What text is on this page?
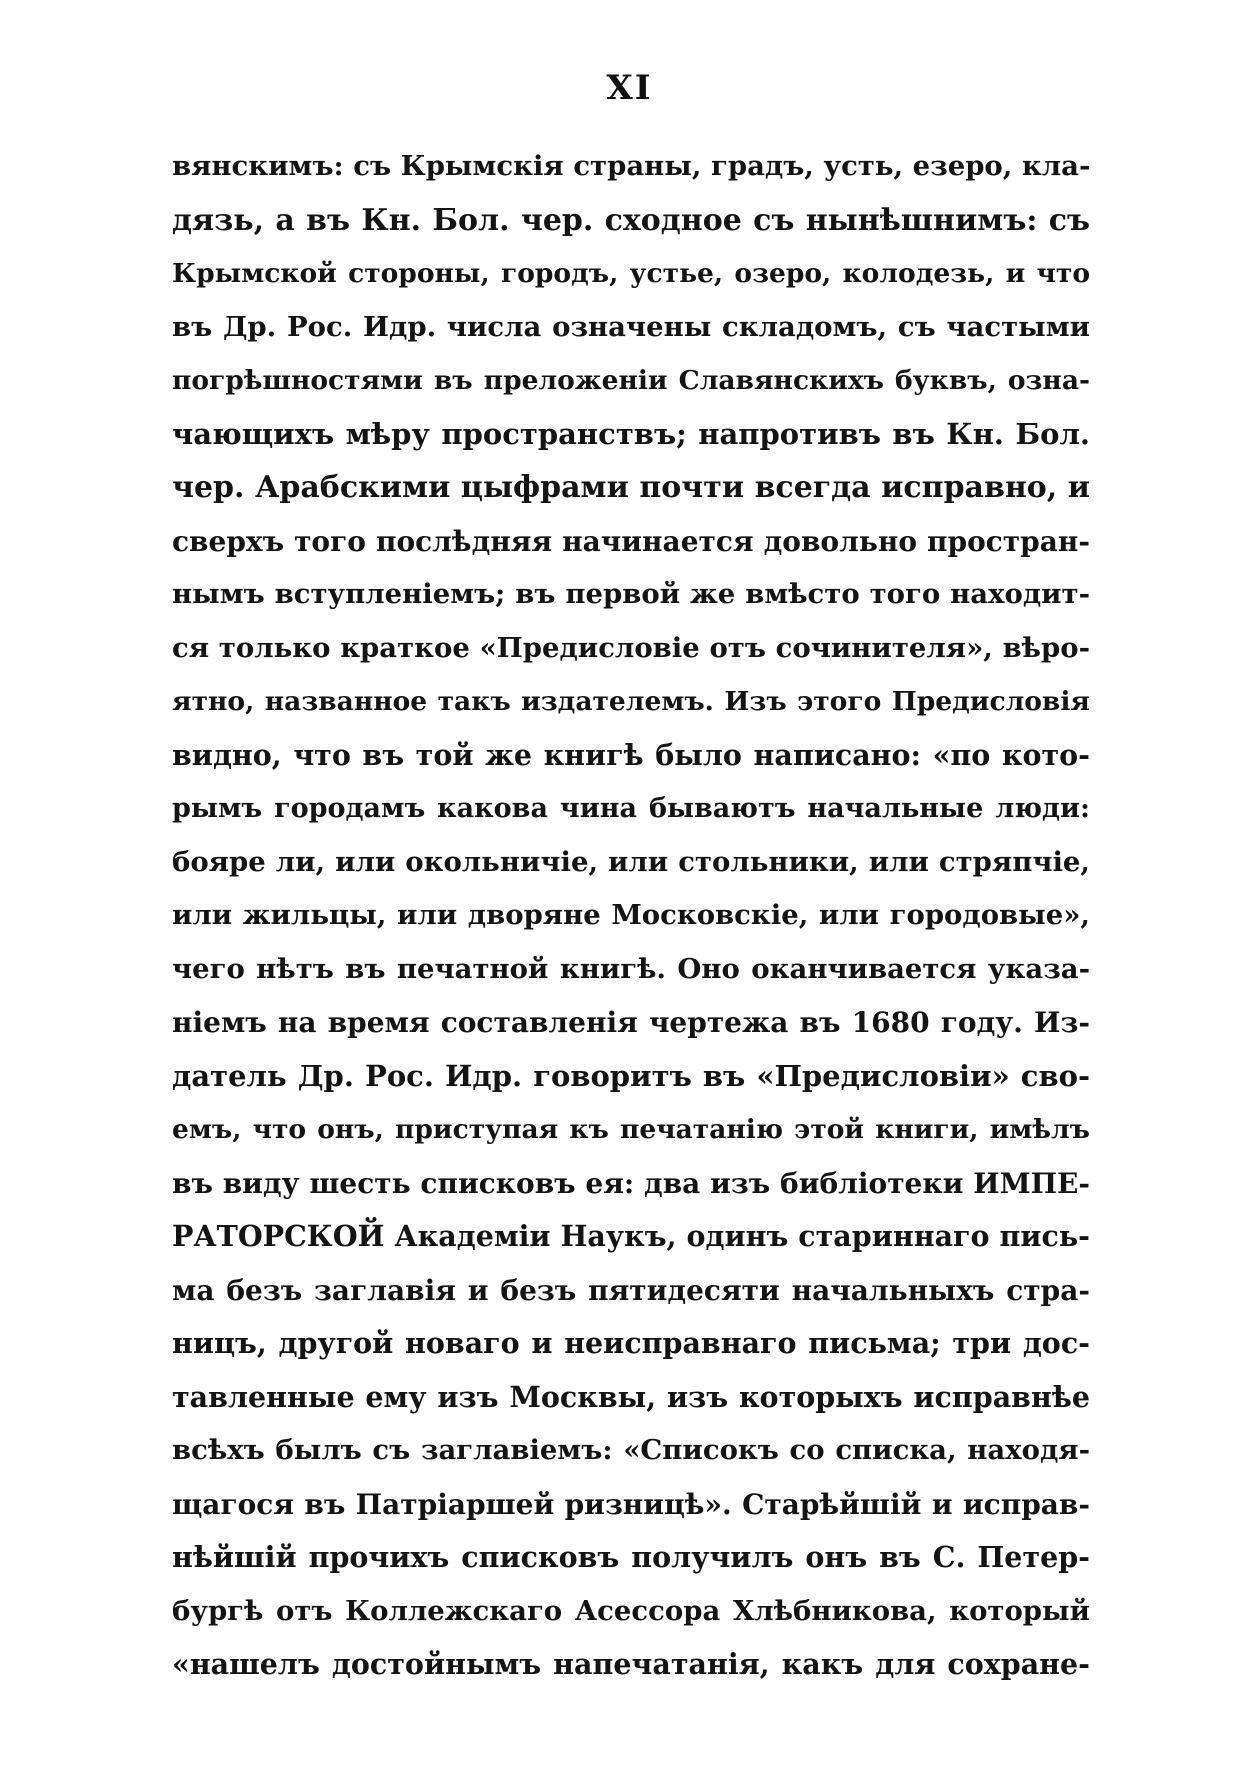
XI
вянскимъ: съ Крымскія страны, градъ, усть, езеро, кла-
дязь, а въ Кн. Бол. чер. сходное съ нынѣшнимъ: съ
Крымской стороны, городъ, устье, озеро, колодезь, и что
въ Др. Рос. Идр. числа означены складомъ, съ частыми
погрѣшностями въ преложеніи Славянскихъ буквъ, озна-
чающихъ мѣру пространствъ; напротивъ въ Кн. Бол.
чер. Арабскими цыфрами почти всегда исправно, и
сверхъ того послѣдняя начинается довольно простран-
нымъ вступленіемъ; въ первой же вмѣсто того находит-
ся только краткое «Предисловіе отъ сочинителя», вѣро-
ятно, названное такъ издателемъ. Изъ этого Предисловія
видно, что въ той же книгѣ было написано: «по кото-
рымъ городамъ какова чина бываютъ начальные люди:
бояре ли, или окольничіе, или стольники, или стряпчіе,
или жильцы, или дворяне Московскіе, или городовые»,
чего нѣтъ въ печатной книгѣ. Оно оканчивается указа-
ніемъ на время составленія чертежа въ 1680 году. Из-
датель Др. Рос. Идр. говоритъ въ «Предисловіи» сво-
емъ, что онъ, приступая къ печатанію этой книги, имѣлъ
въ виду шесть списковъ ея: два изъ библіотеки ИМПЕ-
РАТОРСКОЙ Академіи Наукъ, одинъ стариннаго пись-
ма безъ заглавія и безъ пятидесяти начальныхъ стра-
ницъ, другой новаго и неисправнаго письма; три дос-
тавленные ему изъ Москвы, изъ которыхъ исправнѣе
всѣхъ былъ съ заглавіемъ: «Списокъ со списка, находя-
щагося въ Патріаршей ризницѣ». Старѣйшій и исправ-
нѣйшій прочихъ списковъ получилъ онъ въ С. Петер-
бургѣ отъ Коллежскаго Асессора Хлѣбникова, который
«нашелъ достойнымъ напечатанія, какъ для сохране-
